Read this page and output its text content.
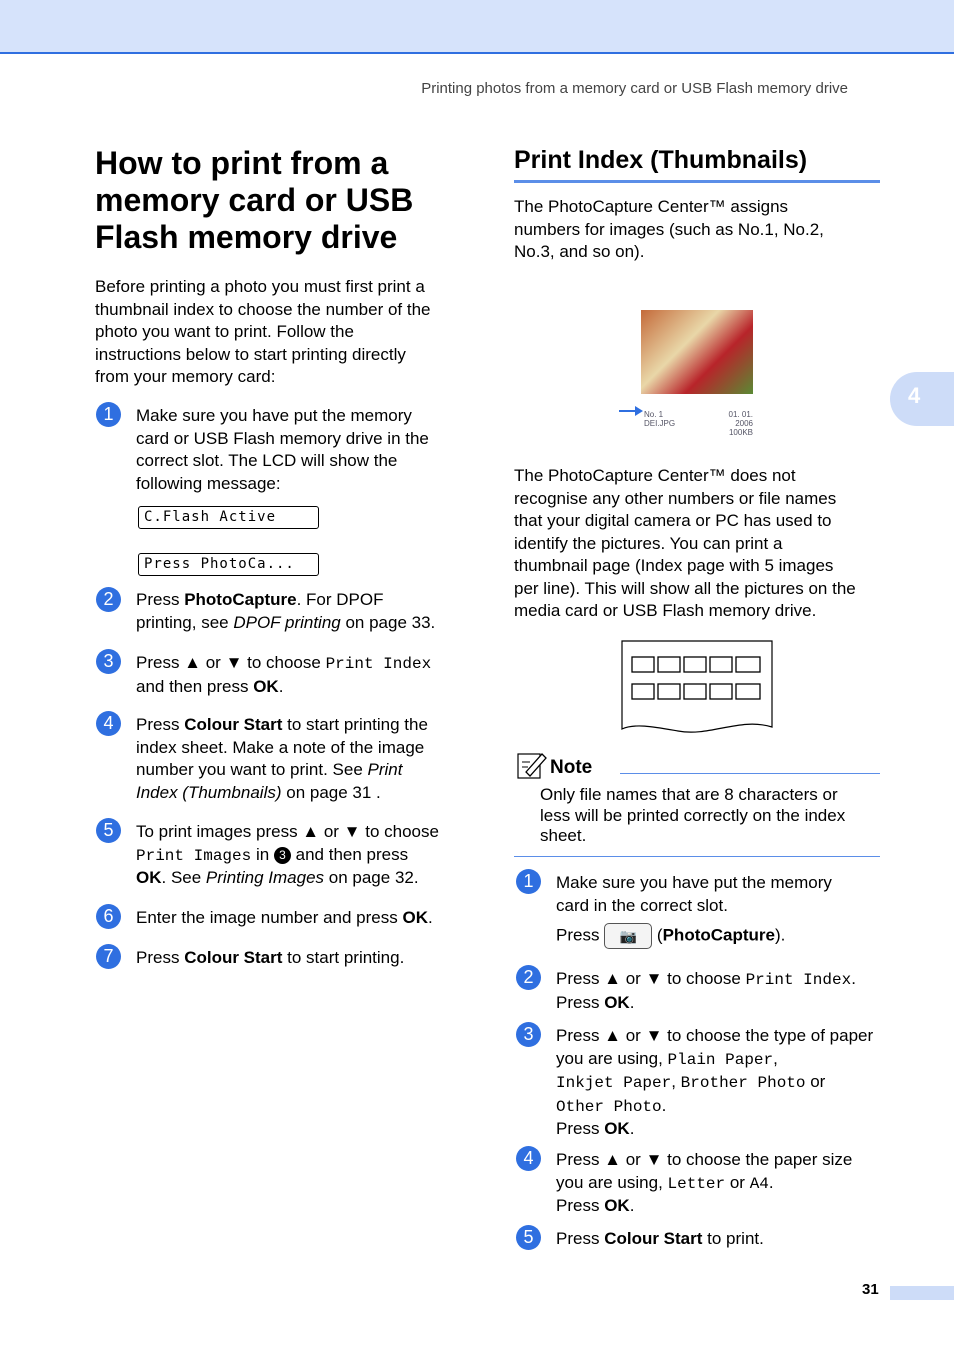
Printing photos from a memory card or USB Flash memory drive
4
How to print from a
memory card or USB
Flash memory drive
Before printing a photo you must first print a
thumbnail index to choose the number of the
photo you want to print. Follow the
instructions below to start printing directly
from your memory card:
1	Make sure you have put the memory
card or USB Flash memory drive in the
correct slot. The LCD will show the
following message:
C.Flash Active
Press PhotoCa...
2	Press PhotoCapture. For DPOF
printing, see DPOF printing on page 33.
3	Press ▲ or ▼ to choose Print Index
and then press OK.
4	Press Colour Start to start printing the
index sheet. Make a note of the image
number you want to print. See Print
Index (Thumbnails) on page 31 .
5	To print images press ▲ or ▼ to choose
Print Images in 3 and then press
OK. See Printing Images on page 32.
6	Enter the image number and press OK.
7	Press Colour Start to start printing.
Print Index (Thumbnails)
The PhotoCapture Center™ assigns
numbers for images (such as No.1, No.2,
No.3, and so on).
No. 1
DEI.JPG
01. 01. 2006
100KB
The PhotoCapture Center™ does not
recognise any other numbers or file names
that your digital camera or PC has used to
identify the pictures. You can print a
thumbnail page (Index page with 5 images
per line). This will show all the pictures on the
media card or USB Flash memory drive.
Note
Only file names that are 8 characters or
less will be printed correctly on the index
sheet.
1	Make sure you have put the memory
card in the correct slot.
Press 📷 (PhotoCapture).
2	Press ▲ or ▼ to choose Print Index.
Press OK.
3	Press ▲ or ▼ to choose the type of paper
you are using, Plain Paper,
Inkjet Paper, Brother Photo or
Other Photo.
Press OK.
4	Press ▲ or ▼ to choose the paper size
you are using, Letter or A4.
Press OK.
5	Press Colour Start to print.
31
